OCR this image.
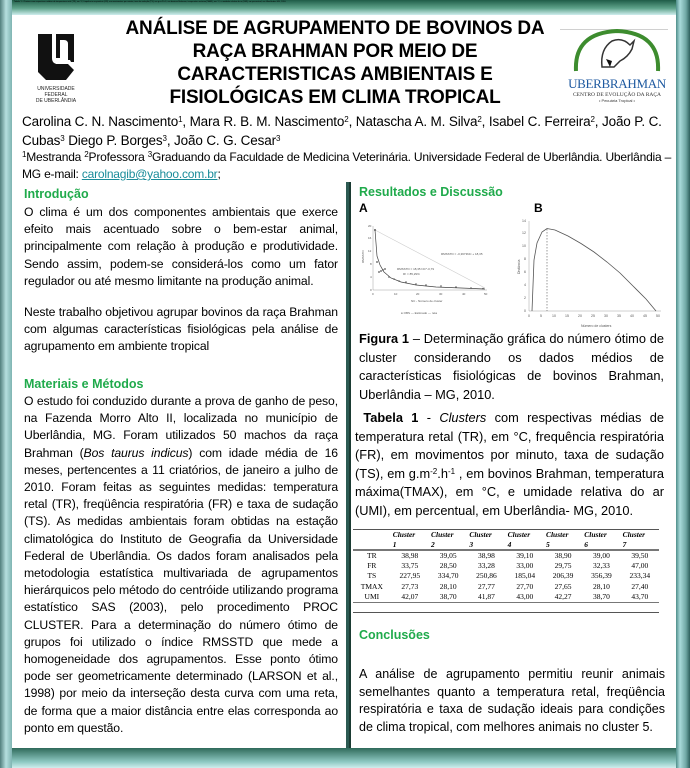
Tabela 1 - Clusters com respectivas médias de temperatura retal (TR), em °C, frequência respiratória (FR), em movimentos por minuto, taxa de sudação (TS), em g.m-2.h-1, em bovinos Brahman, temperatura máxima(TMAX), em °C, e umidade relativa do ar (UMI), em percentual, em Uberlândia- MG, 2010.
UNIVERSIDADE FEDERAL
DE UBERLÂNDIA
ANÁLISE DE AGRUPAMENTO DE BOVINOS DA
RAÇA BRAHMAN POR MEIO DE
CARACTERISTICAS AMBIENTAIS E
FISIOLÓGICAS EM CLIMA TROPICAL
UBERBRAHMAN
CENTRO DE EVOLUÇÃO DA RAÇA
• Pecuária Tropical •
Carolina C. N. Nascimento$^1$, Mara R. B. M. Nascimento$^2$, Natascha A. M. Silva$^2$, Isabel C. Ferreira$^2$, João P. C. Cubas$^3$ Diego P. Borges$^3$, João C. G. Cesar$^3$
$^1$Mestranda $^2$Professora $^3$Graduando da Faculdade de Medicina Veterinária. Universidade Federal de Uberlândia. Uberlândia – MG e-mail: carolnagib@yahoo.com.br;
Introdução
O clima é um dos componentes ambientais que exerce efeito mais acentuado sobre o bem-estar animal, principalmente com relação à produção e produtividade. Sendo assim, podem-se considerá-los como um fator regulador ou até mesmo limitante na produção animal.
Neste trabalho objetivou agrupar bovinos da raça Brahman com algumas características fisiológicas pela análise de agrupamento em ambiente tropical
Materiais e Métodos
O estudo foi conduzido durante a prova de ganho de peso, na Fazenda Morro Alto II, localizada no município de Uberlândia, MG. Foram utilizados 50 machos da raça Brahman (Bos taurus indicus) com idade média de 16 meses, pertencentes a 11 criatórios, de janeiro a julho de 2010. Foram feitas as seguintes medidas: temperatura retal (TR), freqüência respiratória (FR) e taxa de sudação (TS). As medidas ambientais foram obtidas na estação climatológica do Instituto de Geografia da Universidade Federal de Uberlândia. Os dados foram analisados pela metodologia estatística multivariada de agrupamentos hierárquicos pelo método do centróide utilizando programa estatístico SAS (2003), pelo procedimento PROC CLUSTER. Para a determinação do número ótimo de grupos foi utilizado o índice RMSSTD que mede a homogeneidade dos agrupamentos. Esse ponto ótimo pode ser geometricamente determinado (LARSON et al., 1998) por meio da interseção desta curva com uma reta, de forma que a maior distância entre elas corresponda ao ponto em questão.
Resultados e Discussão
A	B
0
4
8
12
16
20
0	10	20	30	40	50
RMSSTD
NC - Número de cluster
RMSSTD = -0,3673NC + 18,35
RMSSTD = 18,35 NC^-0,79
R² = 85,29%
● OBS — Estimado — reta	0
2
4
6
8
10
12
14
0	5	10	15	20	25	30	35	40	45	50
Distância
Número de clusters
Figura 1 – Determinação gráfica do número ótimo de cluster considerando os dados médios de características fisiológicas de bovinos Brahman, Uberlândia – MG, 2010.
Tabela 1 - Clusters com respectivas médias de temperatura retal (TR), em °C, frequência respiratória (FR), em movimentos por minuto, taxa de sudação (TS), em $g.m^{-2}.h^{-1}$ , em bovinos Brahman, temperatura máxima(TMAX), em °C, e umidade relativa do ar (UMI), em percentual, em Uberlândia- MG, 2010.
	Cluster	Cluster	Cluster	Cluster	Cluster	Cluster	Cluster
	1	2	3	4	5	6	7
TR	38,98	39,05	38,98	39,10	38,90	39,00	39,50
FR	33,75	28,50	33,28	33,00	29,75	32,33	47,00
TS	227,95	334,70	250,86	185,04	206,39	356,39	233,34
TMAX	27,73	28,10	27,77	27,70	27,65	28,10	27,40
UMI	42,07	38,70	41,87	43,00	42,27	38,70	43,70
Conclusões
A análise de agrupamento permitiu reunir animais semelhantes quanto a temperatura retal, freqüência respiratória e taxa de sudação ideais para condições de clima tropical, com melhores animais no cluster 5.
